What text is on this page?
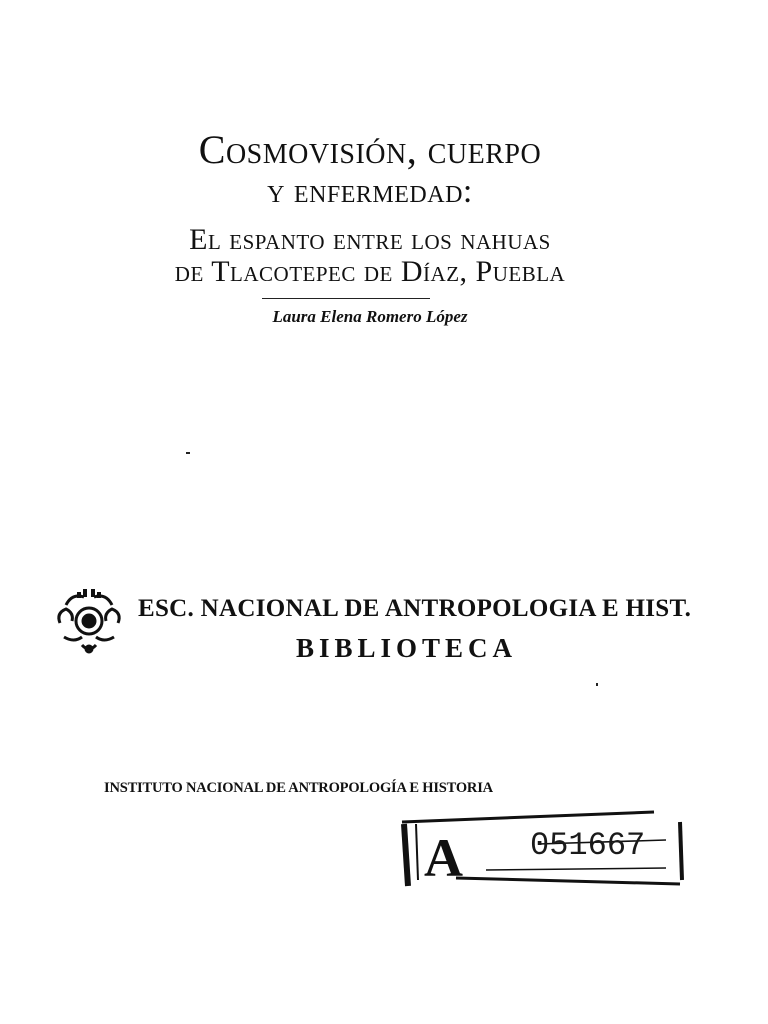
Cosmovisión, cuerpo
y enfermedad:
El espanto entre los nahuas
de Tlacotepec de Díaz, Puebla
Laura Elena Romero López
ESC. NACIONAL DE ANTROPOLOGIA E HIST.
BIBLIOTECA
INSTITUTO NACIONAL DE ANTROPOLOGÍA E HISTORIA
A 051667
